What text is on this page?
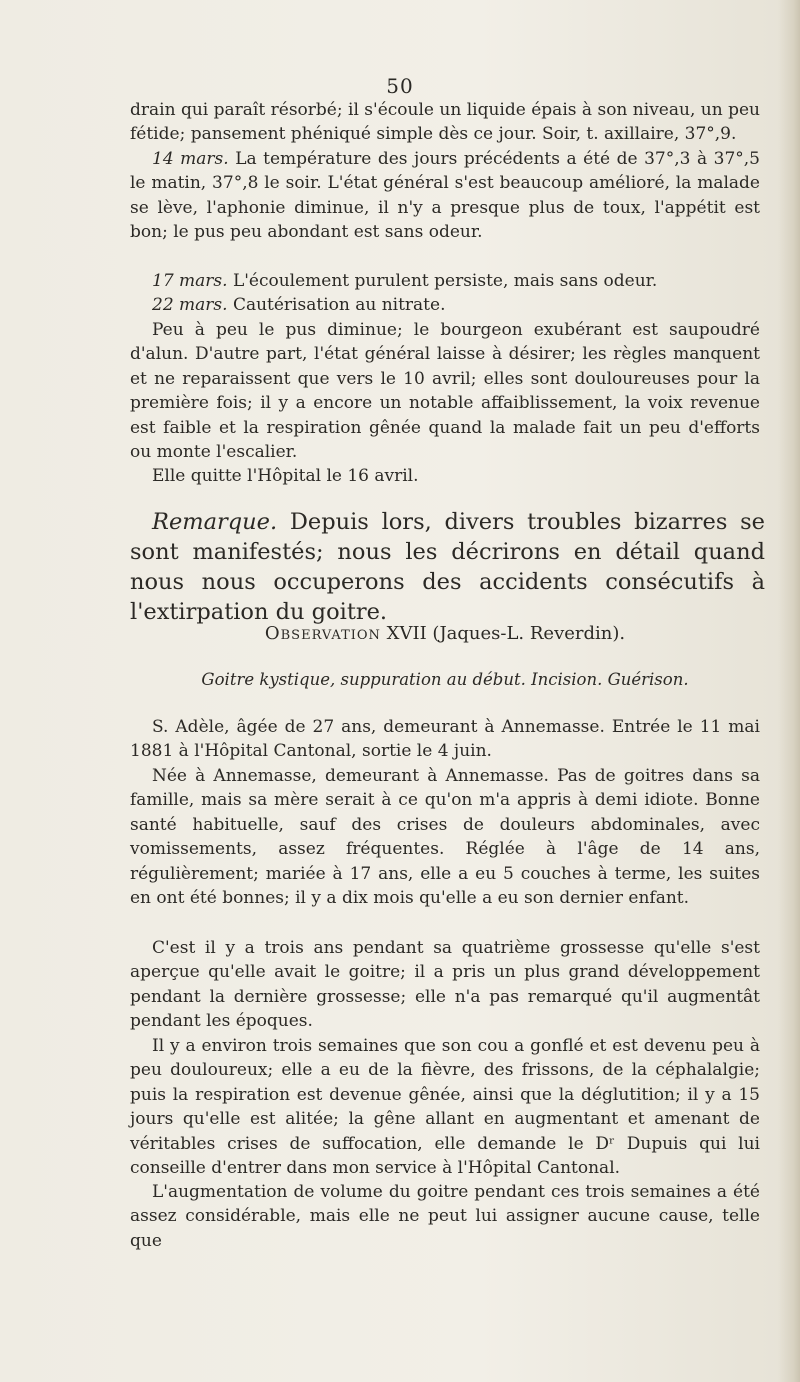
50

drain qui paraît résorbé; il s'écoule un liquide épais à son niveau, un peu fétide; pansement phéniqué simple dès ce jour. Soir, t. axillaire, 37°,9.

14 mars. La température des jours précédents a été de 37°,3 à 37°,5 le matin, 37°,8 le soir. L'état général s'est beaucoup amélioré, la malade se lève, l'aphonie diminue, il n'y a presque plus de toux, l'appétit est bon; le pus peu abondant est sans odeur.

17 mars. L'écoulement purulent persiste, mais sans odeur.

22 mars. Cautérisation au nitrate.

Peu à peu le pus diminue; le bourgeon exubérant est saupoudré d'alun. D'autre part, l'état général laisse à désirer; les règles manquent et ne reparaissent que vers le 10 avril; elles sont douloureuses pour la première fois; il y a encore un notable affaiblissement, la voix revenue est faible et la respiration gênée quand la malade fait un peu d'efforts ou monte l'escalier.

Elle quitte l'Hôpital le 16 avril.

Remarque. Depuis lors, divers troubles bizarres se sont manifestés; nous les décrirons en détail quand nous nous occuperons des accidents consécutifs à l'extirpation du goitre.

Observation XVII (Jaques-L. Reverdin).
Goitre kystique, suppuration au début. Incision. Guérison.

S. Adèle, âgée de 27 ans, demeurant à Annemasse. Entrée le 11 mai 1881 à l'Hôpital Cantonal, sortie le 4 juin.

Née à Annemasse, demeurant à Annemasse. Pas de goitres dans sa famille, mais sa mère serait à ce qu'on m'a appris à demi idiote. Bonne santé habituelle, sauf des crises de douleurs abdominales, avec vomissements, assez fréquentes. Réglée à l'âge de 14 ans, régulièrement; mariée à 17 ans, elle a eu 5 couches à terme, les suites en ont été bonnes; il y a dix mois qu'elle a eu son dernier enfant.

C'est il y a trois ans pendant sa quatrième grossesse qu'elle s'est aperçue qu'elle avait le goitre; il a pris un plus grand développement pendant la dernière grossesse; elle n'a pas remarqué qu'il augmentât pendant les époques.

Il y a environ trois semaines que son cou a gonflé et est devenu peu à peu douloureux; elle a eu de la fièvre, des frissons, de la céphalalgie; puis la respiration est devenue gênée, ainsi que la déglutition; il y a 15 jours qu'elle est alitée; la gêne allant en augmentant et amenant de véritables crises de suffocation, elle demande le Dʳ Dupuis qui lui conseille d'entrer dans mon service à l'Hôpital Cantonal.

L'augmentation de volume du goitre pendant ces trois semaines a été assez considérable, mais elle ne peut lui assigner aucune cause, telle que
